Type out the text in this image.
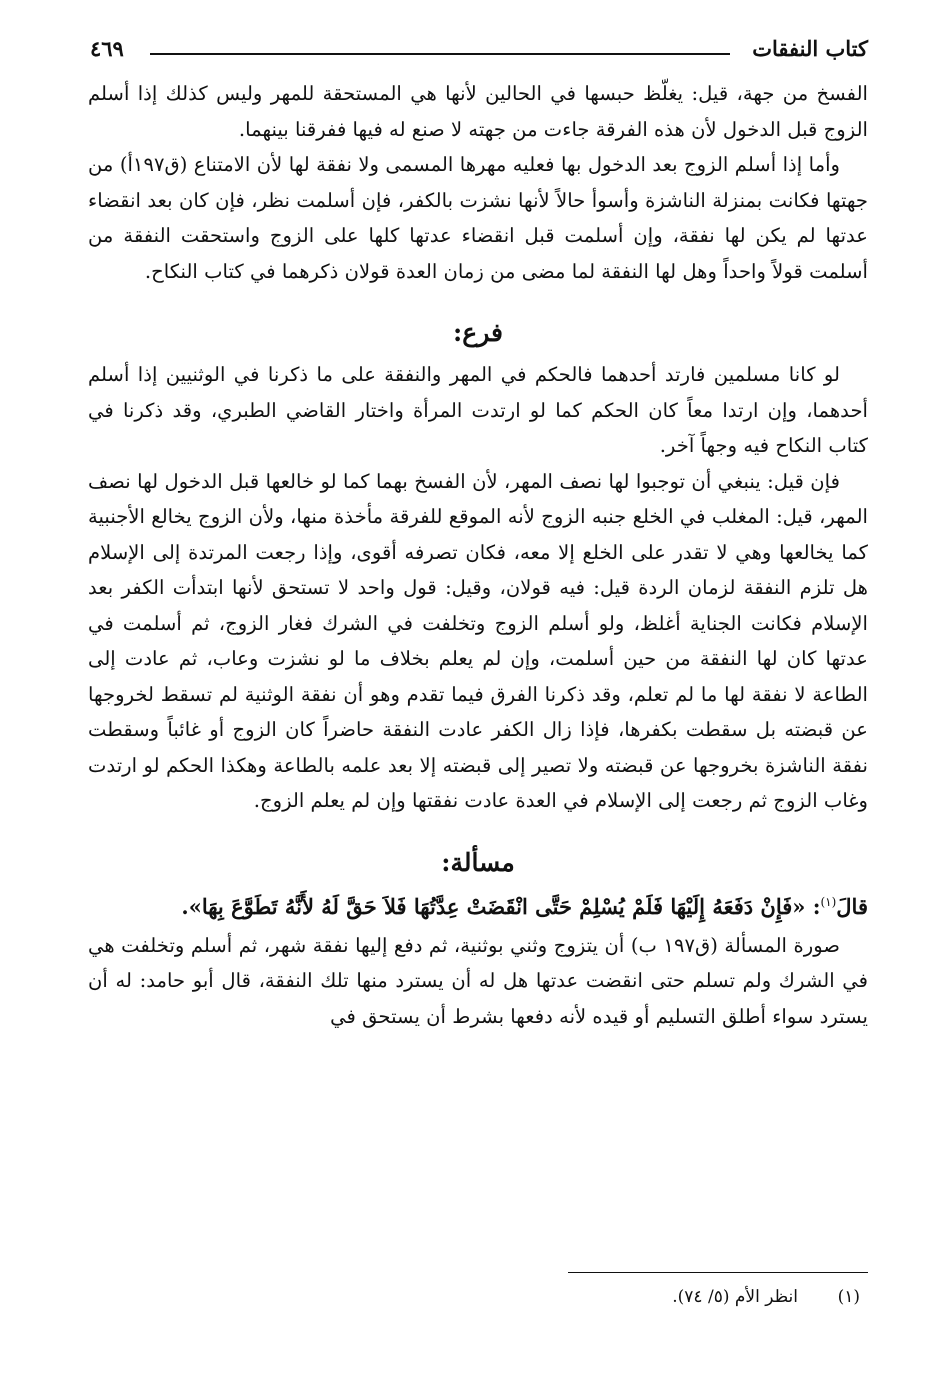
كتاب النفقات
٤٦٩

الفسخ من جهة، قيل: يغلّظ حبسها في الحالين لأنها هي المستحقة للمهر وليس كذلك إذا أسلم الزوج قبل الدخول لأن هذه الفرقة جاءت من جهته لا صنع له فيها ففرقنا بينهما.

وأما إذا أسلم الزوج بعد الدخول بها فعليه مهرها المسمى ولا نفقة لها لأن الامتناع (ق١٩٧أ) من جهتها فكانت بمنزلة الناشزة وأسوأ حالاً لأنها نشزت بالكفر، فإن أسلمت نظر، فإن كان بعد انقضاء عدتها لم يكن لها نفقة، وإن أسلمت قبل انقضاء عدتها كلها على الزوج واستحقت النفقة من أسلمت قولاً واحداً وهل لها النفقة لما مضى من زمان العدة قولان ذكرهما في كتاب النكاح.

فرع:

لو كانا مسلمين فارتد أحدهما فالحكم في المهر والنفقة على ما ذكرنا في الوثنيين إذا أسلم أحدهما، وإن ارتدا معاً كان الحكم كما لو ارتدت المرأة واختار القاضي الطبري، وقد ذكرنا في كتاب النكاح فيه وجهاً آخر.

فإن قيل: ينبغي أن توجبوا لها نصف المهر، لأن الفسخ بهما كما لو خالعها قبل الدخول لها نصف المهر، قيل: المغلب في الخلع جنبه الزوج لأنه الموقع للفرقة مأخذة منها، ولأن الزوج يخالع الأجنبية كما يخالعها وهي لا تقدر على الخلع إلا معه، فكان تصرفه أقوى، وإذا رجعت المرتدة إلى الإسلام هل تلزم النفقة لزمان الردة قيل: فيه قولان، وقيل: قول واحد لا تستحق لأنها ابتدأت الكفر بعد الإسلام فكانت الجناية أغلظ، ولو أسلم الزوج وتخلفت في الشرك فغار الزوج، ثم أسلمت في عدتها كان لها النفقة من حين أسلمت، وإن لم يعلم بخلاف ما لو نشزت وعاب، ثم عادت إلى الطاعة لا نفقة لها ما لم تعلم، وقد ذكرنا الفرق فيما تقدم وهو أن نفقة الوثنية لم تسقط لخروجها عن قبضته بل سقطت بكفرها، فإذا زال الكفر عادت النفقة حاضراً كان الزوج أو غائباً وسقطت نفقة الناشزة بخروجها عن قبضته ولا تصير إلى قبضته إلا بعد علمه بالطاعة وهكذا الحكم لو ارتدت وغاب الزوج ثم رجعت إلى الإسلام في العدة عادت نفقتها وإن لم يعلم الزوج.

مسألة:

قالَ$^{(١)}$: «فَإِنْ دَفَعَهُ إِلَيْهَا فَلَمْ يُسْلِمْ حَتَّى انْقَضَتْ عِدَّتُهَا فَلاَ حَقَّ لَهُ لأَنَّهُ تَطَوَّعَ بِهَا».

صورة المسألة (ق١٩٧ ب) أن يتزوج وثني بوثنية، ثم دفع إليها نفقة شهر، ثم أسلم وتخلفت هي في الشرك ولم تسلم حتى انقضت عدتها هل له أن يسترد منها تلك النفقة، قال أبو حامد: له أن يسترد سواء أطلق التسليم أو قيده لأنه دفعها بشرط أن يستحق في

(١)انظر الأم (٥/ ٧٤).
